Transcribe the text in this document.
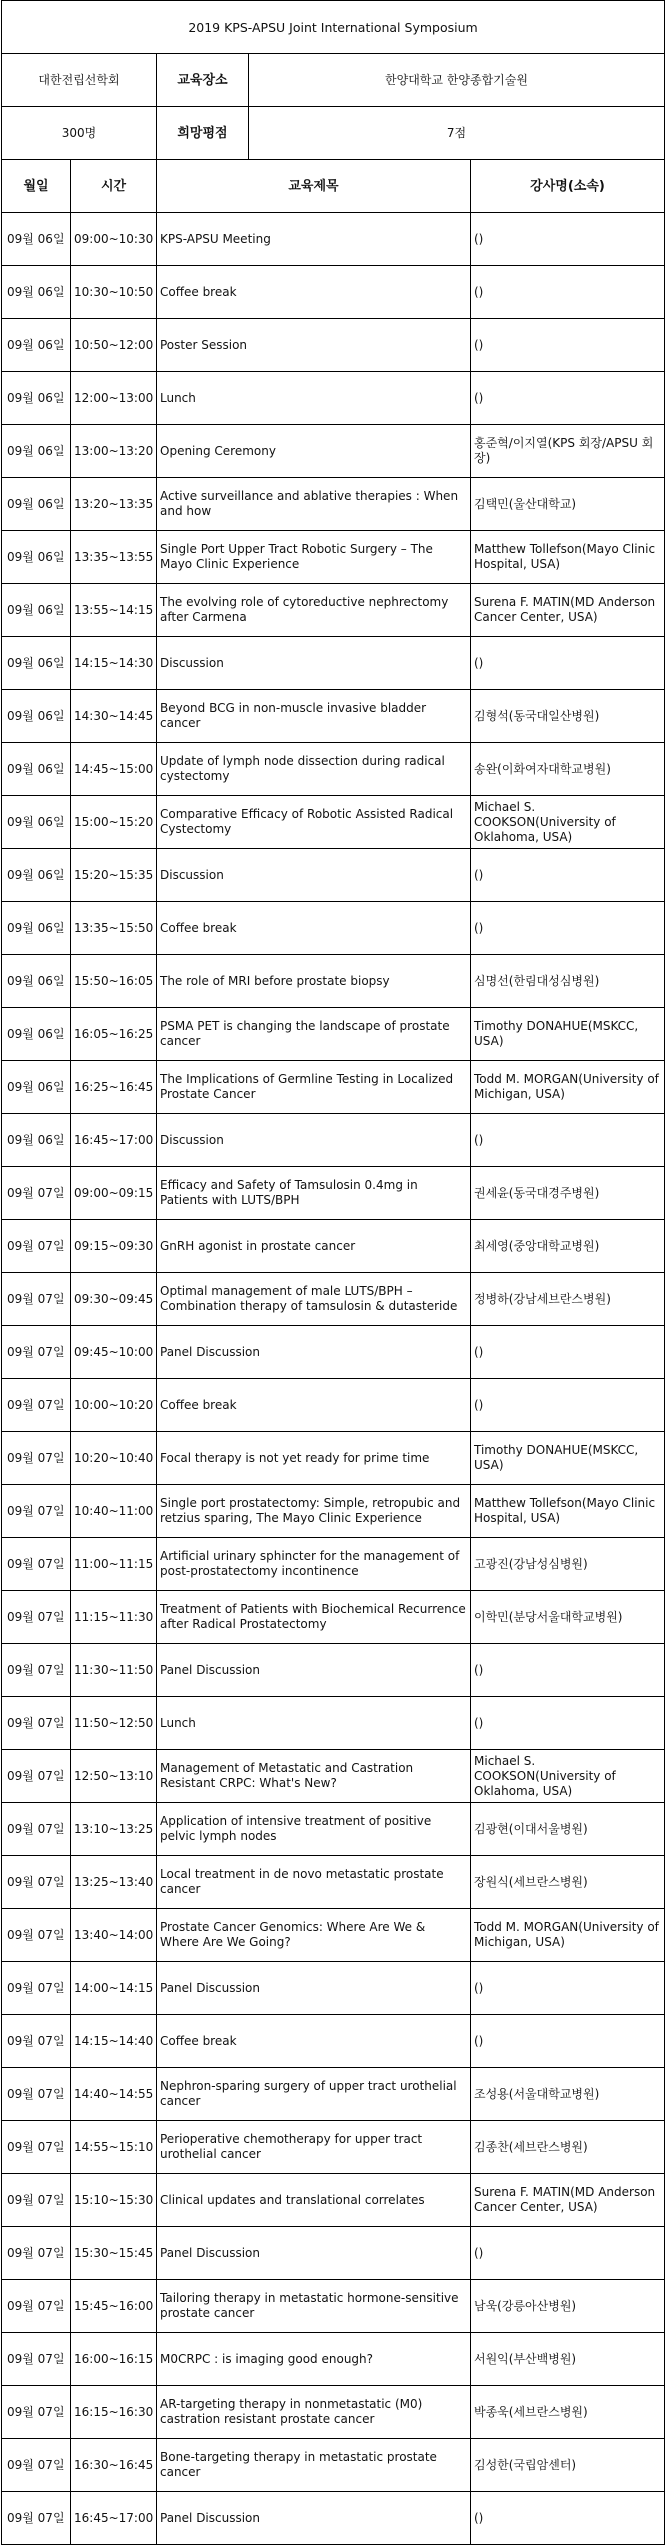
2019 KPS-APSU Joint International Symposium			
대한전립선학회		교육장소 한양대학교 한양종합기술원	

300명		희망평점 7점	

월일	시간	교육제목	강사명(소속)
09월 06일	09:00~10:30	KPS-APSU Meeting	()
09월 06일	10:30~10:50	Coffee break	()
09월 06일	10:50~12:00	Poster Session	()
09월 06일	12:00~13:00	Lunch	()
09월 06일	13:00~13:20	Opening Ceremony	홍준혁/이지열(KPS 회장/APSU 회장)
09월 06일	13:20~13:35	Active surveillance and ablative therapies : When and how	김택민(울산대학교)
09월 06일	13:35~13:55	Single Port Upper Tract Robotic Surgery – The Mayo Clinic Experience	Matthew Tollefson(Mayo Clinic Hospital, USA)
09월 06일	13:55~14:15	The evolving role of cytoreductive nephrectomy after Carmena	Surena F. MATIN(MD Anderson Cancer Center, USA)
09월 06일	14:15~14:30	Discussion	()
09월 06일	14:30~14:45	Beyond BCG in non-muscle invasive bladder cancer	김형석(동국대일산병원)
09월 06일	14:45~15:00	Update of lymph node dissection during radical cystectomy	송완(이화여자대학교병원)
09월 06일	15:00~15:20	Comparative Efficacy of Robotic Assisted Radical Cystectomy	Michael S. COOKSON(University of Oklahoma, USA)
09월 06일	15:20~15:35	Discussion	()
09월 06일	13:35~15:50	Coffee break	()
09월 06일	15:50~16:05	The role of MRI before prostate biopsy	심명선(한림대성심병원)
09월 06일	16:05~16:25	PSMA PET is changing the landscape of prostate cancer	Timothy DONAHUE(MSKCC, USA)
09월 06일	16:25~16:45	The Implications of Germline Testing in Localized Prostate Cancer	Todd M. MORGAN(University of Michigan, USA)
09월 06일	16:45~17:00	Discussion	()
09월 07일	09:00~09:15	Efficacy and Safety of Tamsulosin 0.4mg in Patients with LUTS/BPH	권세윤(동국대경주병원)
09월 07일	09:15~09:30	GnRH agonist in prostate cancer	최세영(중앙대학교병원)
09월 07일	09:30~09:45	Optimal management of male LUTS/BPH – Combination therapy of tamsulosin & dutasteride	정병하(강남세브란스병원)
09월 07일	09:45~10:00	Panel Discussion	()
09월 07일	10:00~10:20	Coffee break	()
09월 07일	10:20~10:40	Focal therapy is not yet ready for prime time	Timothy DONAHUE(MSKCC, USA)
09월 07일	10:40~11:00	Single port prostatectomy: Simple, retropubic and retzius sparing, The Mayo Clinic Experience	Matthew Tollefson(Mayo Clinic Hospital, USA)
09월 07일	11:00~11:15	Artificial urinary sphincter for the management of post-prostatectomy incontinence	고광진(강남성심병원)
09월 07일	11:15~11:30	Treatment of Patients with Biochemical Recurrence after Radical Prostatectomy	이학민(분당서울대학교병원)
09월 07일	11:30~11:50	Panel Discussion	()
09월 07일	11:50~12:50	Lunch	()
09월 07일	12:50~13:10	Management of Metastatic and Castration Resistant CRPC: What's New?	Michael S. COOKSON(University of Oklahoma, USA)
09월 07일	13:10~13:25	Application of intensive treatment of positive pelvic lymph nodes	김광현(이대서울병원)
09월 07일	13:25~13:40	Local treatment in de novo metastatic prostate cancer	장원식(세브란스병원)
09월 07일	13:40~14:00	Prostate Cancer Genomics: Where Are We & Where Are We Going?	Todd M. MORGAN(University of Michigan, USA)
09월 07일	14:00~14:15	Panel Discussion	()
09월 07일	14:15~14:40	Coffee break	()
09월 07일	14:40~14:55	Nephron-sparing surgery of upper tract urothelial cancer	조성용(서울대학교병원)
09월 07일	14:55~15:10	Perioperative chemotherapy for upper tract urothelial cancer	김종찬(세브란스병원)
09월 07일	15:10~15:30	Clinical updates and translational correlates	Surena F. MATIN(MD Anderson Cancer Center, USA)
09월 07일	15:30~15:45	Panel Discussion	()
09월 07일	15:45~16:00	Tailoring therapy in metastatic hormone-sensitive prostate cancer	남욱(강릉아산병원)
09월 07일	16:00~16:15	M0CRPC : is imaging good enough?	서원익(부산백병원)
09월 07일	16:15~16:30	AR-targeting therapy in nonmetastatic (M0) castration resistant prostate cancer	박종욱(세브란스병원)
09월 07일	16:30~16:45	Bone-targeting therapy in metastatic prostate cancer	김성한(국립암센터)
09월 07일	16:45~17:00	Panel Discussion	()
